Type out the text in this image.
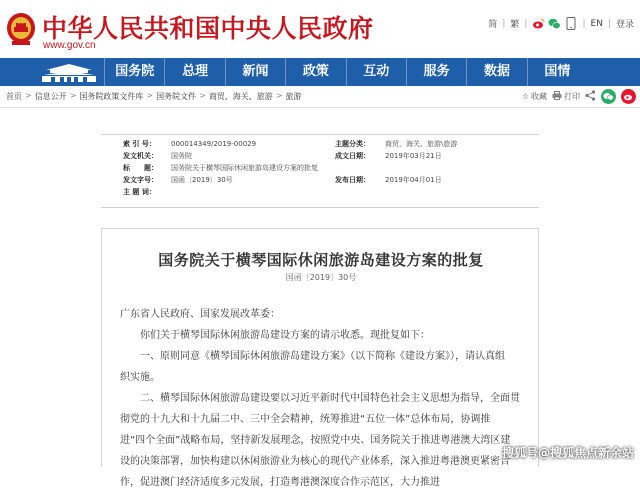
中华人民共和国中央人民政府
www.gov.cn
简 | 繁 |	| EN | 登录
国务院	总理	新闻	政策	互动	服务	数据	国情
首页 > 信息公开 > 国务院政策文件库 > 国务院文件 > 商贸、海关、旅游 > 旅游	☆ 收藏 打印
索 引 号： 000014349/2019-00029	主题分类： 商贸、海关、旅游\旅游
发文机关： 国务院	成文日期： 2019年03月21日
标　　题： 国务院关于横琴国际休闲旅游岛建设方案的批复
发文字号： 国函〔2019〕30号	发布日期： 2019年04月01日
主 题 词：
国务院关于横琴国际休闲旅游岛建设方案的批复
国函〔2019〕30号

广东省人民政府、国家发展改革委：

你们关于横琴国际休闲旅游岛建设方案的请示收悉。现批复如下：

一、原则同意《横琴国际休闲旅游岛建设方案》（以下简称《建设方案》），请认真组

织实施。

二、横琴国际休闲旅游岛建设要以习近平新时代中国特色社会主义思想为指导，全面贯

彻党的十九大和十九届二中、三中全会精神，统筹推进“五位一体”总体布局，协调推

进“四个全面”战略布局，坚持新发展理念，按照党中央、国务院关于推进粤港澳大湾区建

设的决策部署，加快构建以休闲旅游业为核心的现代产业体系，深入推进粤港澳更紧密合

作，促进澳门经济适度多元发展，打造粤港澳深度合作示范区，大力推进

搜狐号@搜狐焦点新余站
